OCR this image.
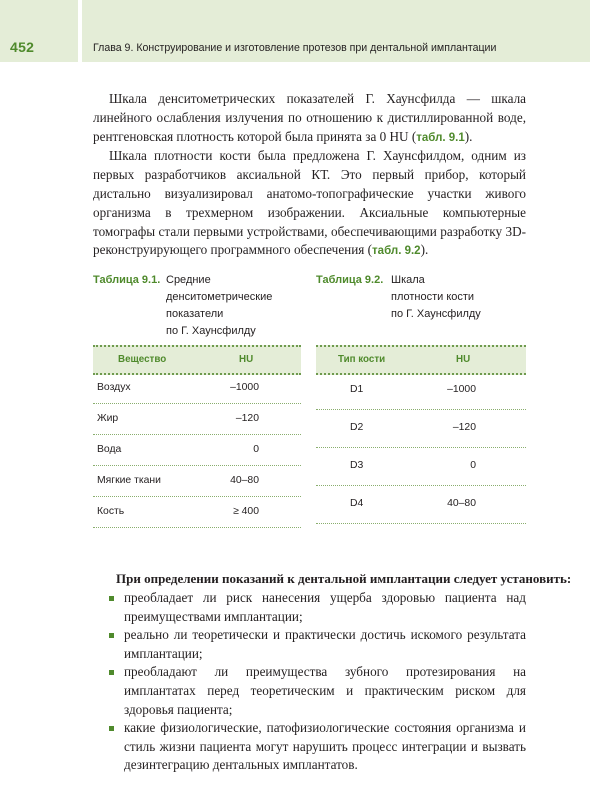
452	Глава 9. Конструирование и изготовление протезов при дентальной имплантации

Шкала денситометрических показателей Г. Хаунсфилда — шкала линейного ослабления излучения по отношению к дистиллированной воде, рентгеновская плотность которой была принята за 0 HU (табл. 9.1).

Шкала плотности кости была предложена Г. Хаунсфилдом, одним из первых разработчиков аксиальной КТ. Это первый прибор, который дистально визуализировал анатомо-топографические участки живого организма в трехмерном изображении. Аксиальные компьютерные томографы стали первыми устройствами, обеспечивающими разработку 3D-реконструирующего программного обеспечения (табл. 9.2).

Таблица 9.1. Средние
денситометрические
показатели
по Г. Хаунсфилду
Таблица 9.2. Шкала
плотности кости
по Г. Хаунсфилду
Вещество	HU
Воздух	–1000
Жир	–120
Вода	0
Мягкие ткани	40–80
Кость	≥ 400
Тип кости	HU
D1	–1000
D2	–120
D3	0
D4	40–80
При определении показаний к дентальной имплантации следует установить:
преобладает ли риск нанесения ущерба здоровью пациента над преимуществами имплантации;
реально ли теоретически и практически достичь искомого результата имплантации;
преобладают ли преимущества зубного протезирования на имплантатах перед теоретическим и практическим риском для здоровья пациента;
какие физиологические, патофизиологические состояния организма и стиль жизни пациента могут нарушить процесс интеграции и вызвать дезинтеграцию дентальных имплантатов.
